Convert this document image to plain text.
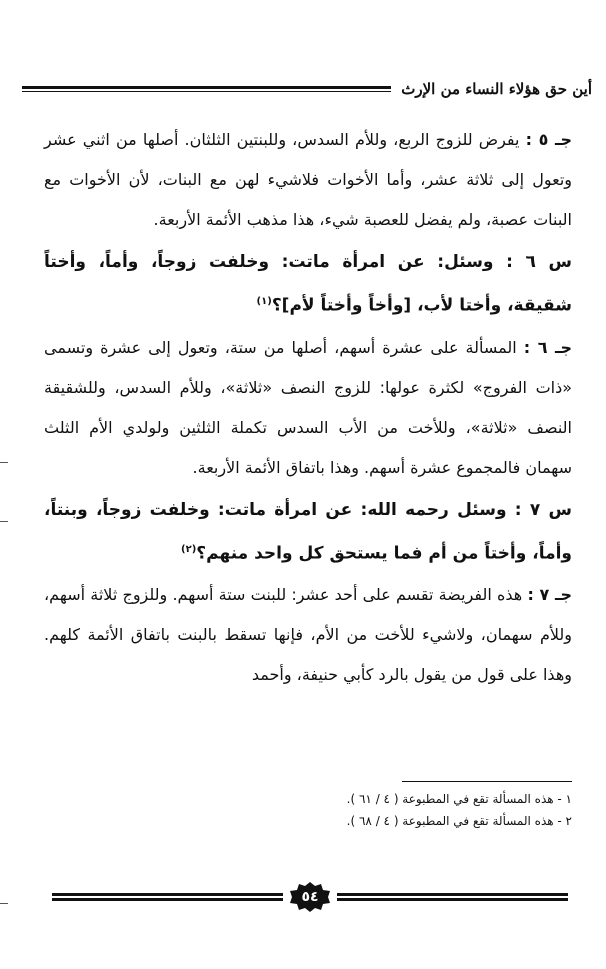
أين حق هؤلاء النساء من الإرث

جـ ٥ : يفرض للزوج الربع، وللأم السدس، وللبنتين الثلثان. أصلها من اثني عشر وتعول إلى ثلاثة عشر، وأما الأخوات فلاشيء لهن مع البنات، لأن الأخوات مع البنات عصبة، ولم يفضل للعصبة شيء، هذا مذهب الأئمة الأربعة.

س ٦ : وسئل: عن امرأة ماتت: وخلفت زوجاً، وأماً، وأختاً شقيقة، وأختا لأب، [وأخاً وأختاً لأم]؟$^{(١)}$

جـ ٦ : المسألة على عشرة أسهم، أصلها من ستة، وتعول إلى عشرة وتسمى «ذات الفروج» لكثرة عولها: للزوج النصف «ثلاثة»، وللأم السدس، وللشقيقة النصف «ثلاثة»، وللأخت من الأب السدس تكملة الثلثين ولولدي الأم الثلث سهمان فالمجموع عشرة أسهم. وهذا باتفاق الأئمة الأربعة.

س ٧ : وسئل رحمه الله: عن امرأة ماتت: وخلفت زوجاً، وبنتاً، وأماً، وأختاً من أم فما يستحق كل واحد منهم؟$^{(٢)}$

جـ ٧ : هذه الفريضة تقسم على أحد عشر: للبنت ستة أسهم. وللزوج ثلاثة أسهم، وللأم سهمان، ولاشيء للأخت من الأم، فإنها تسقط بالبنت باتفاق الأئمة كلهم. وهذا على قول من يقول بالرد كأبي حنيفة، وأحمد

١ - هذه المسألة تقع في المطبوعة ( ٤ / ٦١ ).

٢ - هذه المسألة تقع في المطبوعة ( ٤ / ٦٨ ).

٥٤
